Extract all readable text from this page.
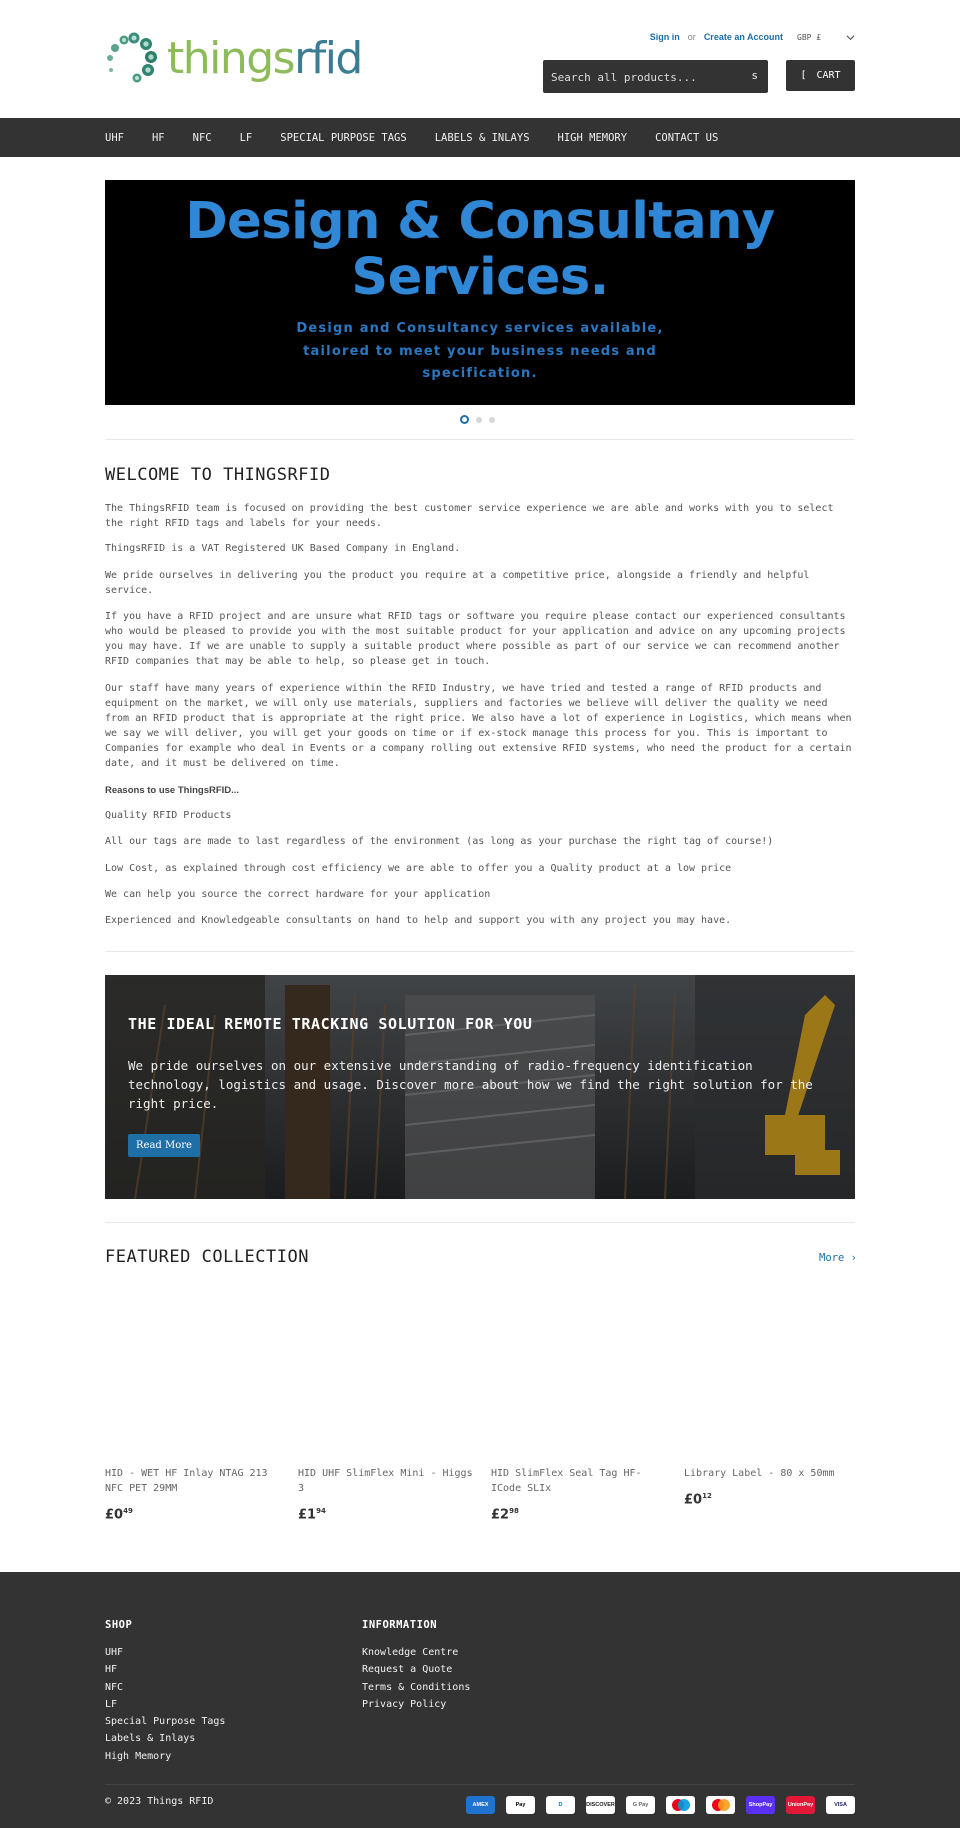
thingsrfid	Sign in or Create an Account GBP £
Search all products...
s	[ CART
UHF	HF	NFC	LF	SPECIAL PURPOSE TAGS	LABELS & INLAYS	HIGH MEMORY	CONTACT US
Design & Consultany Services.

Design and Consultancy services available, tailored to meet your business needs and specification.

WELCOME TO THINGSRFID

The ThingsRFID team is focused on providing the best customer service experience we are able and works with you to select the right RFID tags and labels for your needs.

ThingsRFID is a VAT Registered UK Based Company in England.

We pride ourselves in delivering you the product you require at a competitive price, alongside a friendly and helpful service.

If you have a RFID project and are unsure what RFID tags or software you require please contact our experienced consultants who would be pleased to provide you with the most suitable product for your application and advice on any upcoming projects you may have. If we are unable to supply a suitable product where possible as part of our service we can recommend another RFID companies that may be able to help, so please get in touch.

Our staff have many years of experience within the RFID Industry, we have tried and tested a range of RFID products and equipment on the market, we will only use materials, suppliers and factories we believe will deliver the quality we need from an RFID product that is appropriate at the right price. We also have a lot of experience in Logistics, which means when we say we will deliver, you will get your goods on time or if ex-stock manage this process for you. This is important to Companies for example who deal in Events or a company rolling out extensive RFID systems, who need the product for a certain date, and it must be delivered on time.

Reasons to use ThingsRFID...

Quality RFID Products

All our tags are made to last regardless of the environment (as long as your purchase the right tag of course!)

Low Cost, as explained through cost efficiency we are able to offer you a Quality product at a low price

We can help you source the correct hardware for your application

Experienced and Knowledgeable consultants on hand to help and support you with any project you may have.

THE IDEAL REMOTE TRACKING SOLUTION FOR YOU

We pride ourselves on our extensive understanding of radio-frequency identification technology, logistics and usage. Discover more about how we find the right solution for the right price.

Read More
FEATURED COLLECTION	More ›
HID - WET HF Inlay NTAG 213 NFC PET 29MM
$£0^{49}$
HID UHF SlimFlex Mini - Higgs 3
$£1^{94}$
HID SlimFlex Seal Tag HF-ICode SLIx
$£2^{98}$
Library Label - 80 x 50mm
$£0^{12}$
SHOP
UHF
HF
NFC
LF
Special Purpose Tags
Labels & Inlays
High Memory
INFORMATION
Knowledge Centre
Request a Quote
Terms & Conditions
Privacy Policy
© 2023 Things RFID	AMEX	Pay	D	DISCOVER	G Pay	ShopPay	UnionPay	VISA
